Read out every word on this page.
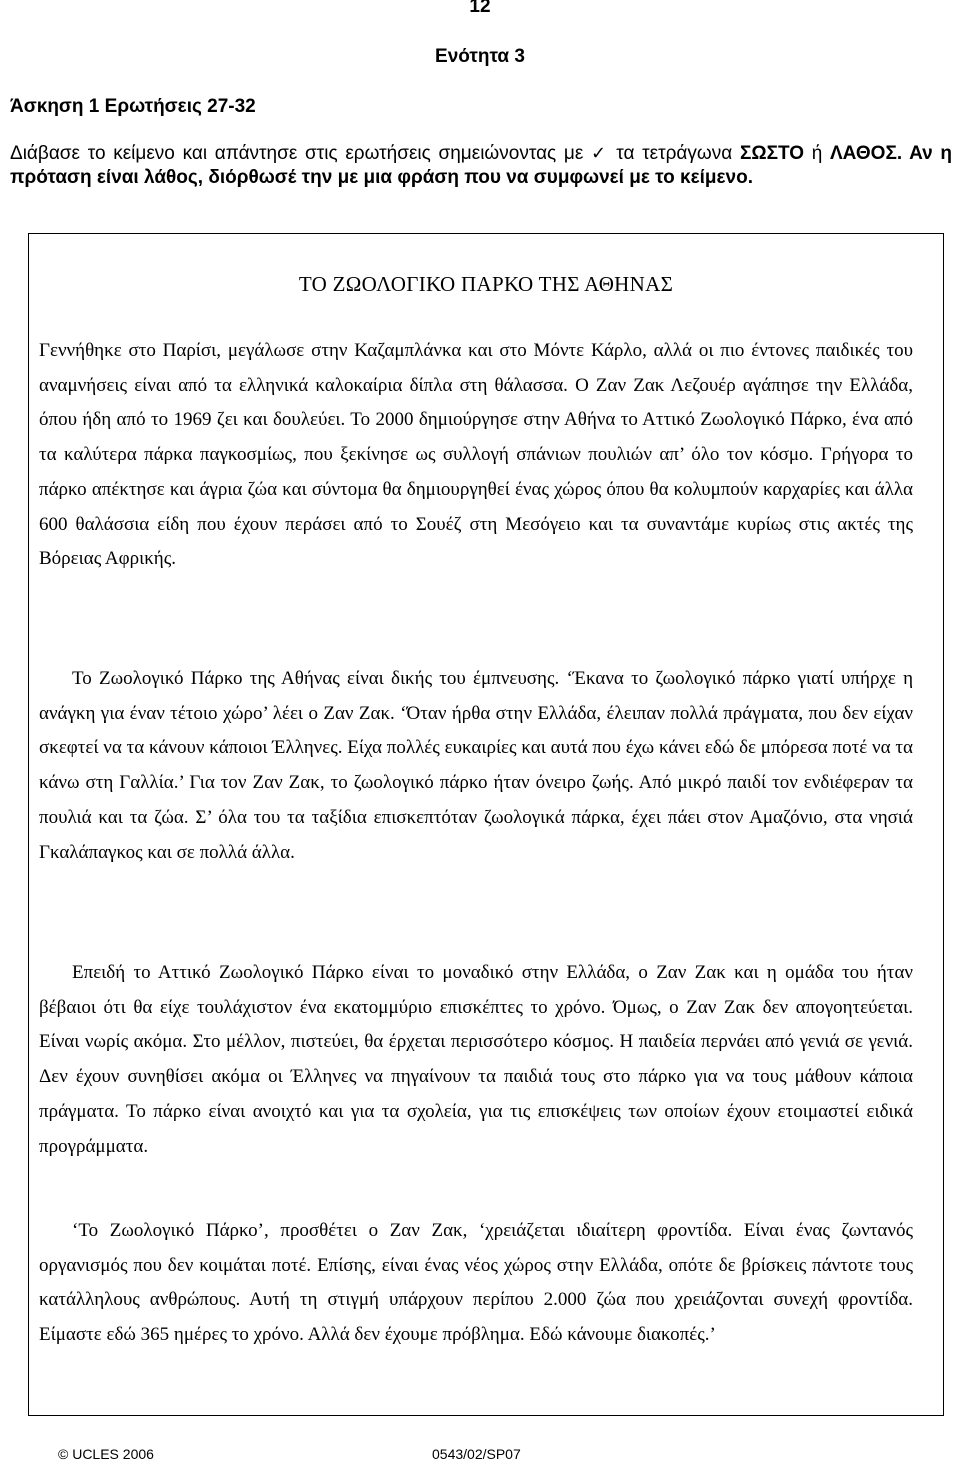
12
Ενότητα 3
Άσκηση 1 Ερωτήσεις 27-32
Διάβασε το κείμενο και απάντησε στις ερωτήσεις σημειώνοντας με ✓ τα τετράγωνα ΣΩΣΤΟ ή ΛΑΘΟΣ. Αν η πρόταση είναι λάθος, διόρθωσέ την με μια φράση που να συμφωνεί με το κείμενο.
ΤΟ ΖΩΟΛΟΓΙΚΟ ΠΑΡΚΟ ΤΗΣ ΑΘΗΝΑΣ

Γεννήθηκε στο Παρίσι, μεγάλωσε στην Καζαμπλάνκα και στο Μόντε Κάρλο, αλλά οι πιο έντονες παιδικές του αναμνήσεις είναι από τα ελληνικά καλοκαίρια δίπλα στη θάλασσα. Ο Ζαν Ζακ Λεζουέρ αγάπησε την Ελλάδα, όπου ήδη από το 1969 ζει και δουλεύει. Το 2000 δημιούργησε στην Αθήνα το Αττικό Ζωολογικό Πάρκο, ένα από τα καλύτερα πάρκα παγκοσμίως, που ξεκίνησε ως συλλογή σπάνιων πουλιών απ’ όλο τον κόσμο. Γρήγορα το πάρκο απέκτησε και άγρια ζώα και σύντομα θα δημιουργηθεί ένας χώρος όπου θα κολυμπούν καρχαρίες και άλλα 600 θαλάσσια είδη που έχουν περάσει από το Σουέζ στη Μεσόγειο και τα συναντάμε κυρίως στις ακτές της Βόρειας Αφρικής.

Το Ζωολογικό Πάρκο της Αθήνας είναι δικής του έμπνευσης. ‘Έκανα το ζωολογικό πάρκο γιατί υπήρχε η ανάγκη για έναν τέτοιο χώρο’ λέει ο Ζαν Ζακ. ‘Όταν ήρθα στην Ελλάδα, έλειπαν πολλά πράγματα, που δεν είχαν σκεφτεί να τα κάνουν κάποιοι Έλληνες. Είχα πολλές ευκαιρίες και αυτά που έχω κάνει εδώ δε μπόρεσα ποτέ να τα κάνω στη Γαλλία.’ Για τον Ζαν Ζακ, το ζωολογικό πάρκο ήταν όνειρο ζωής. Από μικρό παιδί τον ενδιέφεραν τα πουλιά και τα ζώα. Σ’ όλα του τα ταξίδια επισκεπτόταν ζωολογικά πάρκα, έχει πάει στον Αμαζόνιο, στα νησιά Γκαλάπαγκος και σε πολλά άλλα.

Επειδή το Αττικό Ζωολογικό Πάρκο είναι το μοναδικό στην Ελλάδα, ο Ζαν Ζακ και η ομάδα του ήταν βέβαιοι ότι θα είχε τουλάχιστον ένα εκατομμύριο επισκέπτες το χρόνο. Όμως, ο Ζαν Ζακ δεν απογοητεύεται. Είναι νωρίς ακόμα. Στο μέλλον, πιστεύει, θα έρχεται περισσότερο κόσμος. Η παιδεία περνάει από γενιά σε γενιά. Δεν έχουν συνηθίσει ακόμα οι Έλληνες να πηγαίνουν τα παιδιά τους στο πάρκο για να τους μάθουν κάποια πράγματα. Το πάρκο είναι ανοιχτό και για τα σχολεία, για τις επισκέψεις των οποίων έχουν ετοιμαστεί ειδικά προγράμματα.

‘Το Ζωολογικό Πάρκο’, προσθέτει ο Ζαν Ζακ, ‘χρειάζεται ιδιαίτερη φροντίδα. Είναι ένας ζωντανός οργανισμός που δεν κοιμάται ποτέ. Επίσης, είναι ένας νέος χώρος στην Ελλάδα, οπότε δε βρίσκεις πάντοτε τους κατάλληλους ανθρώπους. Αυτή τη στιγμή υπάρχουν περίπου 2.000 ζώα που χρειάζονται συνεχή φροντίδα. Είμαστε εδώ 365 ημέρες το χρόνο. Αλλά δεν έχουμε πρόβλημα. Εδώ κάνουμε διακοπές.’

© UCLES 2006	0543/02/SP07
